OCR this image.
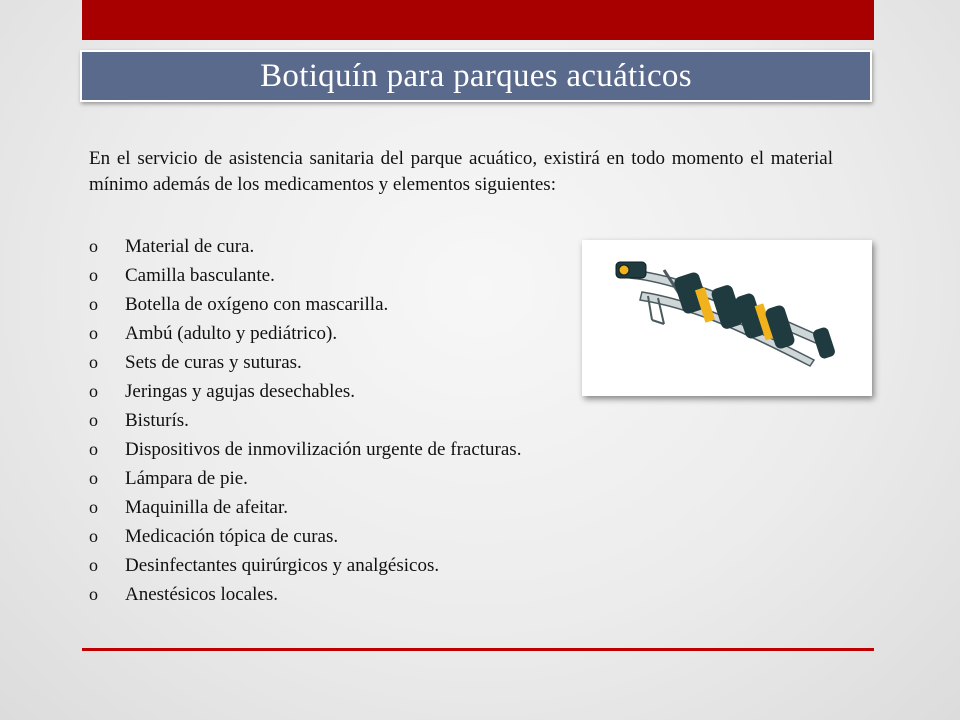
Botiquín para parques acuáticos

En el servicio de asistencia sanitaria del parque acuático, existirá en todo momento el material mínimo además de los medicamentos y elementos siguientes:

o	Material de cura.
o	Camilla basculante.
o	Botella de oxígeno con mascarilla.
o	Ambú (adulto y pediátrico).
o	Sets de curas y suturas.
o	Jeringas y agujas desechables.
o	Bisturís.
o	Dispositivos de inmovilización urgente de fracturas.
o	Lámpara de pie.
o	Maquinilla de afeitar.
o	Medicación tópica de curas.
o	Desinfectantes quirúrgicos y analgésicos.
o	Anestésicos locales.
